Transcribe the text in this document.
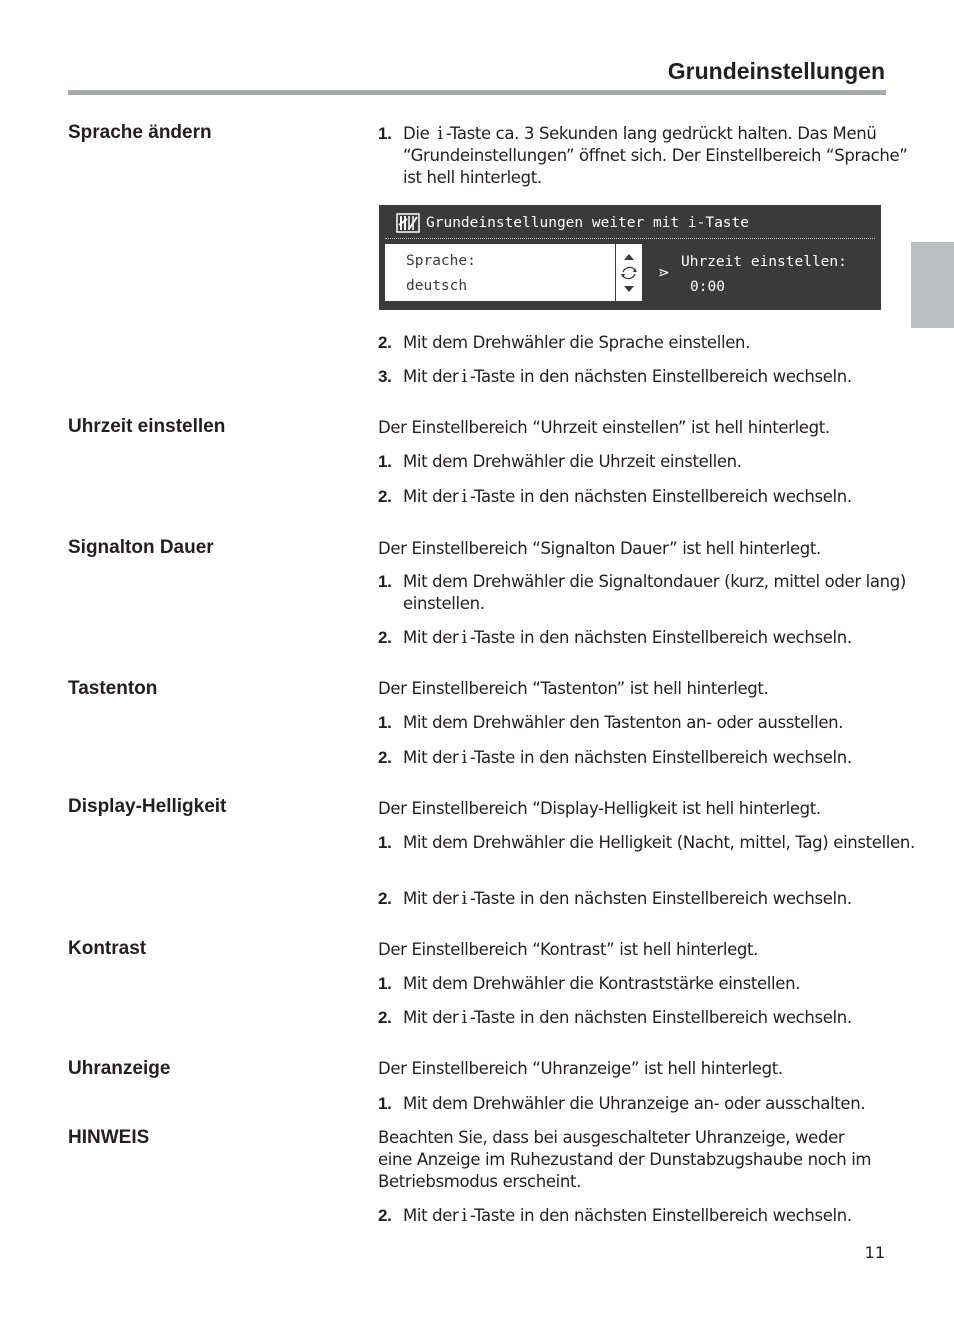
Grundeinstellungen
Sprache ändern	1. Die i -Taste ca. 3 Sekunden lang gedrückt halten. Das Menü “Grundeinstellungen” öffnet sich. Der Einstellbereich “Sprache” ist hell hinterlegt.
Grundeinstellungen weiter mit i-Taste
Sprache:
deutsch
⋗
Uhrzeit einstellen:
0:00
2. Mit dem Drehwähler die Sprache einstellen.
3. Mit der i -Taste in den nächsten Einstellbereich wechseln.
Uhrzeit einstellen	Der Einstellbereich “Uhrzeit einstellen” ist hell hinterlegt.
1. Mit dem Drehwähler die Uhrzeit einstellen.
2. Mit der i -Taste in den nächsten Einstellbereich wechseln.
Signalton Dauer	Der Einstellbereich “Signalton Dauer” ist hell hinterlegt.
1. Mit dem Drehwähler die Signaltondauer (kurz, mittel oder lang) einstellen.
2. Mit der i -Taste in den nächsten Einstellbereich wechseln.
Tastenton	Der Einstellbereich “Tastenton” ist hell hinterlegt.
1. Mit dem Drehwähler den Tastenton an- oder ausstellen.
2. Mit der i -Taste in den nächsten Einstellbereich wechseln.
Display-Helligkeit	Der Einstellbereich “Display-Helligkeit ist hell hinterlegt.
1. Mit dem Drehwähler die Helligkeit (Nacht, mittel, Tag) einstellen.
2. Mit der i -Taste in den nächsten Einstellbereich wechseln.
Kontrast	Der Einstellbereich “Kontrast” ist hell hinterlegt.
1. Mit dem Drehwähler die Kontraststärke einstellen.
2. Mit der i -Taste in den nächsten Einstellbereich wechseln.
Uhranzeige	Der Einstellbereich “Uhranzeige” ist hell hinterlegt.
1. Mit dem Drehwähler die Uhranzeige an- oder ausschalten.
HINWEIS	Beachten Sie, dass bei ausgeschalteter Uhranzeige, weder eine Anzeige im Ruhezustand der Dunstabzugshaube noch im Betriebsmodus erscheint.
2. Mit der i -Taste in den nächsten Einstellbereich wechseln.
11
